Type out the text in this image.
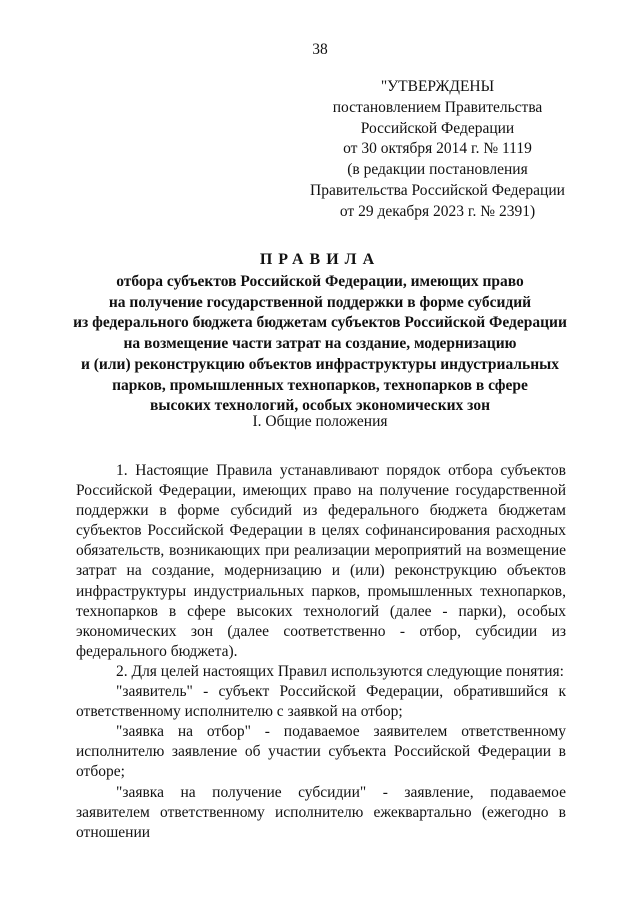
38
"УТВЕРЖДЕНЫ
постановлением Правительства
Российской Федерации
от 30 октября 2014 г. № 1119
(в редакции постановления
Правительства Российской Федерации
от 29 декабря 2023 г. № 2391)
ПРАВИЛА
отбора субъектов Российской Федерации, имеющих право
на получение государственной поддержки в форме субсидий
из федерального бюджета бюджетам субъектов Российской Федерации
на возмещение части затрат на создание, модернизацию
и (или) реконструкцию объектов инфраструктуры индустриальных
парков, промышленных технопарков, технопарков в сфере
высоких технологий, особых экономических зон
I. Общие положения

1. Настоящие Правила устанавливают порядок отбора субъектов Российской Федерации, имеющих право на получение государственной поддержки в форме субсидий из федерального бюджета бюджетам субъектов Российской Федерации в целях софинансирования расходных обязательств, возникающих при реализации мероприятий на возмещение затрат на создание, модернизацию и (или) реконструкцию объектов инфраструктуры индустриальных парков, промышленных технопарков, технопарков в сфере высоких технологий (далее - парки), особых экономических зон (далее соответственно - отбор, субсидии из федерального бюджета).

2. Для целей настоящих Правил используются следующие понятия:

"заявитель" - субъект Российской Федерации, обратившийся к ответственному исполнителю с заявкой на отбор;

"заявка на отбор" - подаваемое заявителем ответственному исполнителю заявление об участии субъекта Российской Федерации в отборе;

"заявка на получение субсидии" - заявление, подаваемое заявителем ответственному исполнителю ежеквартально (ежегодно в отношении
